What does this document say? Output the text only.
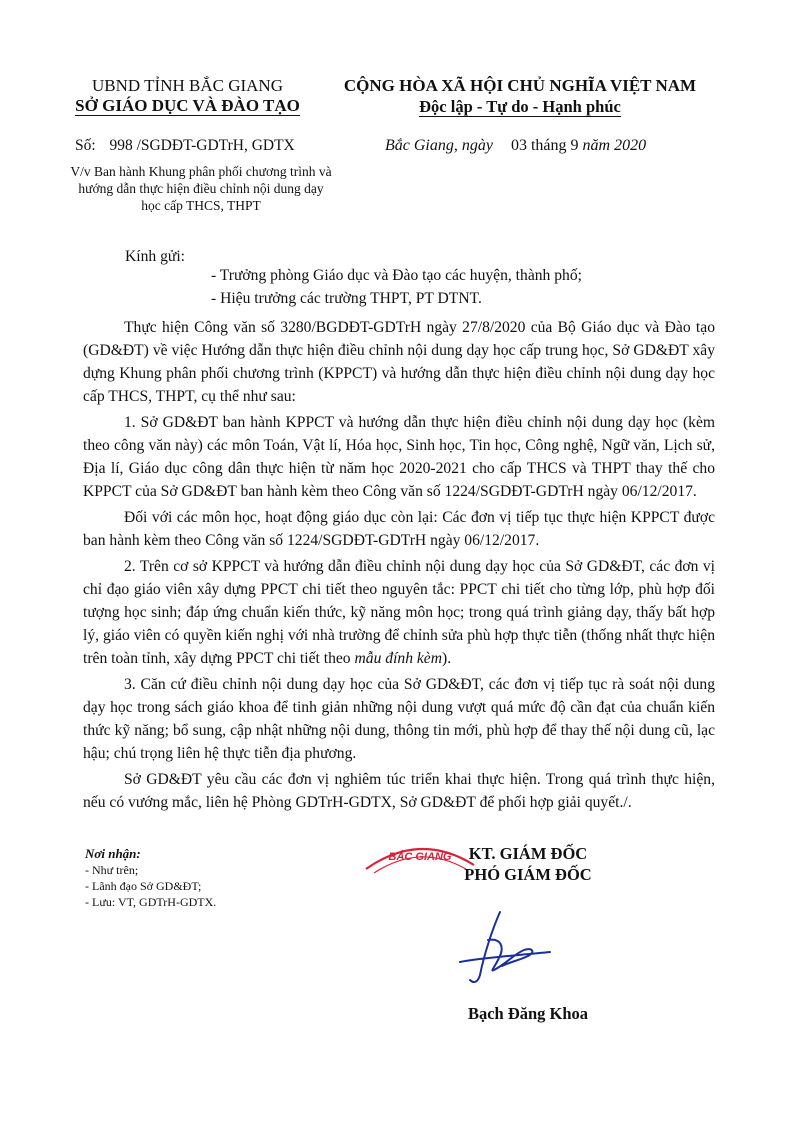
UBND TỈNH BẮC GIANG
SỞ GIÁO DỤC VÀ ĐÀO TẠO
CỘNG HÒA XÃ HỘI CHỦ NGHĨA VIỆT NAM
Độc lập - Tự do - Hạnh phúc
Số: 998 /SGDĐT-GDTrH, GDTX	Bắc Giang, ngày 03 tháng 9 năm 2020
V/v Ban hành Khung phân phối chương trình và hướng dẫn thực hiện điều chỉnh nội dung dạy học cấp THCS, THPT
Kính gửi:
- Trưởng phòng Giáo dục và Đào tạo các huyện, thành phố;
- Hiệu trưởng các trường THPT, PT DTNT.

Thực hiện Công văn số 3280/BGDĐT-GDTrH ngày 27/8/2020 của Bộ Giáo dục và Đào tạo (GD&ĐT) về việc Hướng dẫn thực hiện điều chỉnh nội dung dạy học cấp trung học, Sở GD&ĐT xây dựng Khung phân phối chương trình (KPPCT) và hướng dẫn thực hiện điều chỉnh nội dung dạy học cấp THCS, THPT, cụ thể như sau:

1. Sở GD&ĐT ban hành KPPCT và hướng dẫn thực hiện điều chỉnh nội dung dạy học (kèm theo công văn này) các môn Toán, Vật lí, Hóa học, Sinh học, Tin học, Công nghệ, Ngữ văn, Lịch sử, Địa lí, Giáo dục công dân thực hiện từ năm học 2020-2021 cho cấp THCS và THPT thay thế cho KPPCT của Sở GD&ĐT ban hành kèm theo Công văn số 1224/SGDĐT-GDTrH ngày 06/12/2017.

Đối với các môn học, hoạt động giáo dục còn lại: Các đơn vị tiếp tục thực hiện KPPCT được ban hành kèm theo Công văn số 1224/SGDĐT-GDTrH ngày 06/12/2017.

2. Trên cơ sở KPPCT và hướng dẫn điều chỉnh nội dung dạy học của Sở GD&ĐT, các đơn vị chỉ đạo giáo viên xây dựng PPCT chi tiết theo nguyên tắc: PPCT chi tiết cho từng lớp, phù hợp đối tượng học sinh; đáp ứng chuẩn kiến thức, kỹ năng môn học; trong quá trình giảng dạy, thấy bất hợp lý, giáo viên có quyền kiến nghị với nhà trường để chỉnh sửa phù hợp thực tiễn (thống nhất thực hiện trên toàn tỉnh, xây dựng PPCT chi tiết theo mẫu đính kèm).

3. Căn cứ điều chỉnh nội dung dạy học của Sở GD&ĐT, các đơn vị tiếp tục rà soát nội dung dạy học trong sách giáo khoa để tinh giản những nội dung vượt quá mức độ cần đạt của chuẩn kiến thức kỹ năng; bổ sung, cập nhật những nội dung, thông tin mới, phù hợp để thay thế nội dung cũ, lạc hậu; chú trọng liên hệ thực tiễn địa phương.

Sở GD&ĐT yêu cầu các đơn vị nghiêm túc triển khai thực hiện. Trong quá trình thực hiện, nếu có vướng mắc, liên hệ Phòng GDTrH-GDTX, Sở GD&ĐT để phối hợp giải quyết./.

Nơi nhận:
- Như trên;
- Lãnh đạo Sở GD&ĐT;
- Lưu: VT, GDTrH-GDTX.
BẮC GIANG	KT. GIÁM ĐỐC
PHÓ GIÁM ĐỐC
Bạch Đăng Khoa
